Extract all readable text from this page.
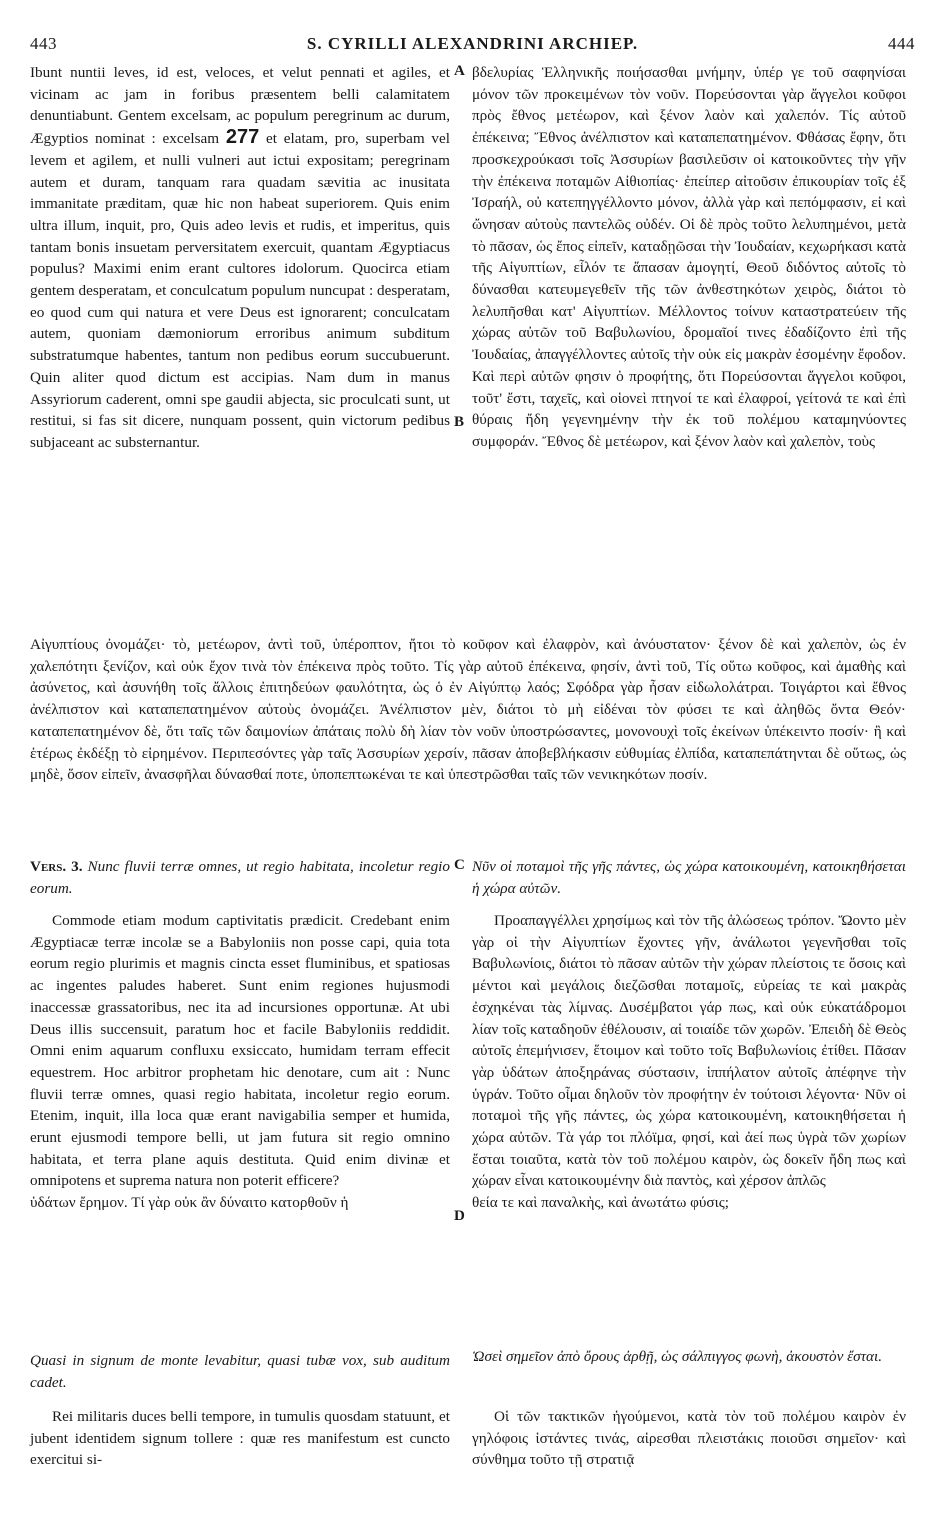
443	S. CYRILLI ALEXANDRINI ARCHIEP.	444

Ibunt nuntii leves, id est, veloces, et velut pennati et agiles, et vicinam ac jam in foribus præsentem belli calamitatem denuntiabunt. Gentem excelsam, ac populum peregrinum ac durum, Ægyptios nominat : excelsam 277 et elatam, pro, superbam vel levem et agilem, et nulli vulneri aut ictui expositam; peregrinam autem et duram, tanquam rara quadam sævitia ac inusitata immanitate præditam, quæ hic non habeat superiorem. Quis enim ultra illum, inquit, pro, Quis adeo levis et rudis, et imperitus, quis tantam bonis insuetam perversitatem exercuit, quantam Ægyptiacus populus? Maximi enim erant cultores idolorum. Quocirca etiam gentem desperatam, et conculcatum populum nuncupat : desperatam, eo quod cum qui natura et vere Deus est ignorarent; conculcatam autem, quoniam dæmoniorum erroribus animum subditum substratumque habentes, tantum non pedibus eorum succubuerunt. Quin aliter quod dictum est accipias. Nam dum in manus Assyriorum caderent, omni spe gaudii abjecta, sic proculcati sunt, ut restitui, si fas sit dicere, nunquam possent, quin victorum pedibus subjaceant ac substernantur.

βδελυρίας Ἑλληνικῆς ποιήσασθαι μνήμην, ὑπέρ γε τοῦ σαφηνίσαι μόνον τῶν προκειμένων τὸν νοῦν. Πορεύσονται γὰρ ἄγγελοι κοῦφοι πρὸς ἔθνος μετέωρον, καὶ ξένον λαὸν καὶ χαλεπόν. Τίς αὐτοῦ ἐπέκεινα; Ἔθνος ἀνέλπιστον καὶ καταπεπατημένον. Φθάσας ἔφην, ὅτι προσκεχρούκασι τοῖς Ἀσσυρίων βασιλεῦσιν οἱ κατοικοῦντες τὴν γῆν τὴν ἐπέκεινα ποταμῶν Αἰθιοπίας· ἐπείπερ αἰτοῦσιν ἐπικουρίαν τοῖς ἐξ Ἰσραήλ, οὐ κατεπηγγέλλοντο μόνον, ἀλλὰ γὰρ καὶ πεπόμφασιν, εἰ καὶ ὤνησαν αὐτοὺς παντελῶς οὐδέν. Οἱ δὲ πρὸς τοῦτο λελυπημένοι, μετὰ τὸ πᾶσαν, ὡς ἔπος εἰπεῖν, καταδῃῶσαι τὴν Ἰουδαίαν, κεχωρήκασι κατὰ τῆς Αἰγυπτίων, εἷλόν τε ἅπασαν ἀμογητί, Θεοῦ διδόντος αὐτοῖς τὸ δύνασθαι κατευμεγεθεῖν τῆς τῶν ἀνθεστηκότων χειρὸς, διάτοι τὸ λελυπῆσθαι κατ' Αἰγυπτίων. Μέλλοντος τοίνυν καταστρατεύειν τῆς χώρας αὐτῶν τοῦ Βαβυλωνίου, δρομαῖοί τινες ἐδαδίζοντο ἐπὶ τῆς Ἰουδαίας, ἀπαγγέλλοντες αὐτοῖς τὴν οὐκ εἰς μακρὰν ἐσομένην ἔφοδον. Καὶ περὶ αὐτῶν φησιν ὁ προφήτης, ὅτι Πορεύσονται ἄγγελοι κοῦφοι, τοῦτ' ἔστι, ταχεῖς, καὶ οἱονεὶ πτηνοί τε καὶ ἐλαφροί, γείτονά τε καὶ ἐπὶ θύραις ἤδη γεγενημένην τὴν ἐκ τοῦ πολέμου καταμηνύοντες συμφοράν. Ἔθνος δὲ μετέωρον, καὶ ξένον λαὸν καὶ χαλεπὸν, τοὺς

A
B
C
D

Αἰγυπτίους ὀνομάζει· τὸ, μετέωρον, ἀντὶ τοῦ, ὑπέροπτον, ἤτοι τὸ κοῦφον καὶ ἐλαφρὸν, καὶ ἀνόυστατον· ξένον δὲ καὶ χαλεπὸν, ὡς ἐν χαλεπότητι ξενίζον, καὶ οὐκ ἔχον τινὰ τὸν ἐπέκεινα πρὸς τοῦτο. Τίς γὰρ αὐτοῦ ἐπέκεινα, φησίν, ἀντὶ τοῦ, Τίς οὕτω κοῦφος, καὶ ἀμαθὴς καὶ ἀσύνετος, καὶ ἀσυνήθη τοῖς ἄλλοις ἐπιτηδεύων φαυλότητα, ὡς ὁ ἐν Αἰγύπτῳ λαός; Σφόδρα γὰρ ἦσαν εἰδωλολάτραι. Τοιγάρτοι καὶ ἔθνος ἀνέλπιστον καὶ καταπεπατημένον αὐτοὺς ὀνομάζει. Ἀνέλπιστον μὲν, διάτοι τὸ μὴ εἰδέναι τὸν φύσει τε καὶ ἀληθῶς ὄντα Θεόν· καταπεπατημένον δὲ, ὅτι ταῖς τῶν δαιμονίων ἀπάταις πολὺ δὴ λίαν τὸν νοῦν ὑποστρώσαντες, μονονουχὶ τοῖς ἐκείνων ὑπέκειντο ποσίν· ἢ καὶ ἑτέρως ἐκδέξῃ τὸ εἰρημένον. Περιπεσόντες γὰρ ταῖς Ἀσσυρίων χερσίν, πᾶσαν ἀποβεβλήκασιν εὐθυμίας ἐλπίδα, καταπεπάτηνται δὲ οὕτως, ὡς μηδὲ, ὅσον εἰπεῖν, ἀνασφῆλαι δύνασθαί ποτε, ὑποπεπτωκέναι τε καὶ ὑπεστρῶσθαι ταῖς τῶν νενικηκότων ποσίν.

Vers. 3. Nunc fluvii terræ omnes, ut regio habitata, incoletur regio eorum.

Νῦν οἱ ποταμοὶ τῆς γῆς πάντες, ὡς χώρα κατοικουμένη, κατοικηθήσεται ἡ χώρα αὐτῶν.

Commode etiam modum captivitatis prædicit. Credebant enim Ægyptiacæ terræ incolæ se a Babyloniis non posse capi, quia tota eorum regio plurimis et magnis cincta esset fluminibus, et spatiosas ac ingentes paludes haberet. Sunt enim regiones hujusmodi inaccessæ grassatoribus, nec ita ad incursiones opportunæ. At ubi Deus illis succensuit, paratum hoc et facile Babyloniis reddidit. Omni enim aquarum confluxu exsiccato, humidam terram effecit equestrem. Hoc arbitror prophetam hic denotare, cum ait : Nunc fluvii terræ omnes, quasi regio habitata, incoletur regio eorum. Etenim, inquit, illa loca quæ erant navigabilia semper et humida, erunt ejusmodi tempore belli, ut jam futura sit regio omnino habitata, et terra plane aquis destituta. Quid enim divinæ et omnipotens et suprema natura non poterit efficere?

ὑδάτων ἔρημον. Τί γὰρ οὐκ ἂν δύναιτο κατορθοῦν ἡ

Προαπαγγέλλει χρησίμως καὶ τὸν τῆς ἁλώσεως τρόπον. Ὤοντο μὲν γὰρ οἱ τὴν Αἰγυπτίων ἔχοντες γῆν, ἀνάλωτοι γεγενῆσθαι τοῖς Βαβυλωνίοις, διάτοι τὸ πᾶσαν αὐτῶν τὴν χώραν πλείστοις τε ὅσοις καὶ μέντοι καὶ μεγάλοις διεζῶσθαι ποταμοῖς, εὐρείας τε καὶ μακρὰς ἐσχηκέναι τὰς λίμνας. Δυσέμβατοι γάρ πως, καὶ οὐκ εὐκατάδρομοι λίαν τοῖς καταδηοῦν ἐθέλουσιν, αἱ τοιαίδε τῶν χωρῶν. Ἐπειδὴ δὲ Θεὸς αὐτοῖς ἐπεμήνισεν, ἕτοιμον καὶ τοῦτο τοῖς Βαβυλωνίοις ἐτίθει. Πᾶσαν γὰρ ὑδάτων ἀποξηράνας σύστασιν, ἱππήλατον αὐτοῖς ἀπέφηνε τὴν ὑγράν. Τοῦτο οἶμαι δηλοῦν τὸν προφήτην ἐν τούτοισι λέγοντα· Νῦν οἱ ποταμοὶ τῆς γῆς πάντες, ὡς χώρα κατοικουμένη, κατοικηθήσεται ἡ χώρα αὐτῶν. Τὰ γάρ τοι πλόϊμα, φησί, καὶ ἀεί πως ὑγρὰ τῶν χωρίων ἔσται τοιαῦτα, κατὰ τὸν τοῦ πολέμου καιρὸν, ὡς δοκεῖν ἤδη πως καὶ χώραν εἶναι κατοικουμένην διὰ παντὸς, καὶ χέρσον ἁπλῶς

θεία τε καὶ παναλκὴς, καὶ ἀνωτάτω φύσις;

Quasi in signum de monte levabitur, quasi tubæ vox, sub auditum cadet.

Ὡσεὶ σημεῖον ἀπὸ ὄρους ἀρθῇ, ὡς σάλπιγγος φωνὴ, ἀκουστὸν ἔσται.

Rei militaris duces belli tempore, in tumulis quosdam statuunt, et jubent identidem signum tollere : quæ res manifestum est cuncto exercitui si-

Οἱ τῶν τακτικῶν ἡγούμενοι, κατὰ τὸν τοῦ πολέμου καιρὸν ἐν γηλόφοις ἱστάντες τινάς, αἱρεσθαι πλειστάκις ποιοῦσι σημεῖον· καὶ σύνθημα τοῦτο τῇ στρατιᾷ
